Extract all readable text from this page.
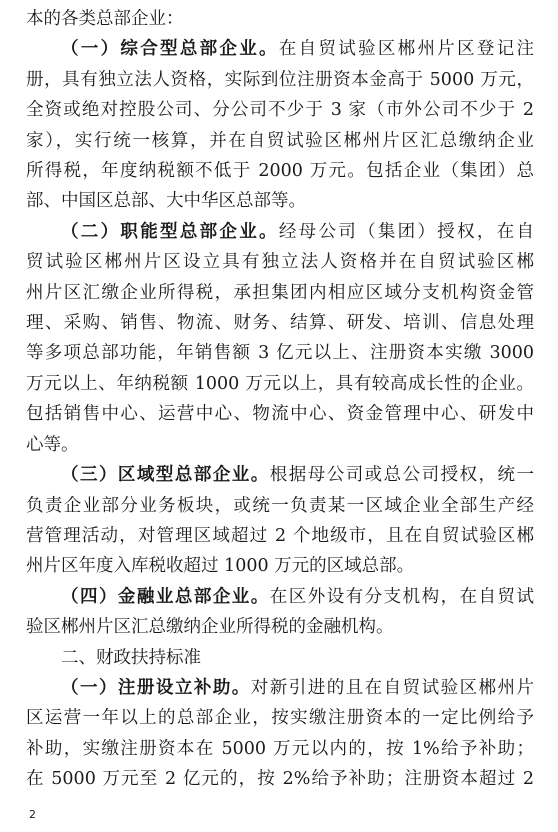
本的各类总部企业：
（一）综合型总部企业。在自贸试验区郴州片区登记注
册，具有独立法人资格，实际到位注册资本金高于 5000 万元，
全资或绝对控股公司、分公司不少于 3 家（市外公司不少于 2
家），实行统一核算，并在自贸试验区郴州片区汇总缴纳企业
所得税，年度纳税额不低于 2000 万元。包括企业（集团）总
部、中国区总部、大中华区总部等。
（二）职能型总部企业。经母公司（集团）授权，在自
贸试验区郴州片区设立具有独立法人资格并在自贸试验区郴
州片区汇缴企业所得税，承担集团内相应区域分支机构资金管
理、采购、销售、物流、财务、结算、研发、培训、信息处理
等多项总部功能，年销售额 3 亿元以上、注册资本实缴 3000
万元以上、年纳税额 1000 万元以上，具有较高成长性的企业。
包括销售中心、运营中心、物流中心、资金管理中心、研发中
心等。
（三）区域型总部企业。根据母公司或总公司授权，统一
负责企业部分业务板块，或统一负责某一区域企业全部生产经
营管理活动，对管理区域超过 2 个地级市，且在自贸试验区郴
州片区年度入库税收超过 1000 万元的区域总部。
（四）金融业总部企业。在区外设有分支机构，在自贸试
验区郴州片区汇总缴纳企业所得税的金融机构。
二、财政扶持标准
（一）注册设立补助。对新引进的且在自贸试验区郴州片
区运营一年以上的总部企业，按实缴注册资本的一定比例给予
补助，实缴注册资本在 5000 万元以内的，按 1%给予补助；
在 5000 万元至 2 亿元的，按 2%给予补助；注册资本超过 2
2
